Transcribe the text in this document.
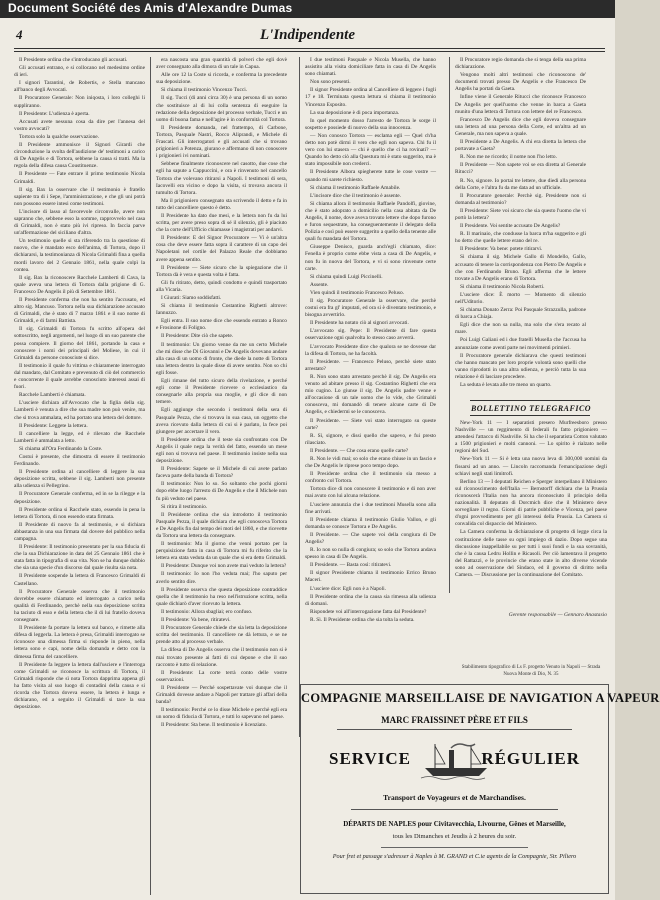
Document Société des Amis d'Alexandre Dumas
4	L'Indipendente

Il Presidente ordina che s'introducano gli accusati.

Gli accusati entrano, e si collocano nel medesimo ordine di ieri.

I signori Tarantini, de Robertis, e Stella mancano all'banco degli Avvocati.

Il Procuratore Generale: Non iniqosta, i loro colleghi li suppliranno.

Il Presidente: L'udienza è aperta.

Accusati avete nessuna cosa da dire per l'annesa del vostro avvocati?

Tortora solo la qualche osservazione.

Il Presidente ammonisce il Signori Girardi che circonduzione la svolta dell'audizione de' testimoni a carico di De Angelis e di Tortora, sebbene la causa si tratti. Ma la regola della difesa causa Coustituenze.

Il Presidente — Fate entrare il primo testimonio Nicola Grimaldi.

Il sig. Bax la osservare che il testimonio è fratello sapiente tra di i Sepe, l'amministrazione, e che gli uni potrà non possono essere intesi come testimoni.

L'incisore di lasso al favorevole circonvalle, avere non sapranno che, sebbene esso la somme, rapprovvelo nel casa di Grimaldi, non è stato più ivi ripreso. In faccia parve un'affermazione del siciliano d'altra.

Un testimonio quelle si sta riferendo tra la questione di nuovo, che è mandato esco dell'anima, di Tortora, dopo il dichiararsi, la testimonianza di Nicola Grimaldi fina a quella mordi lavoro del 2 Gennaio 1861, nella quale colpì la contea.

Il sig. Bax la riconoscere Racchele Lamberti di Cava, la quale aveva una lettera di Tortora dalla prigione di G. Francesco De Angelis il più di Settembre 1861.

Il Presidente conferma che non ha sentito l'accusato, ed altro sig. Mancuso. Tortora nella sua dichiarazione accusato di Grimaldi, che è stato di 7 marzo 1861 e il suo nome di Grimaldi, e di farmi Battista.

Il sig. Grimaldi di Tortora fu scritto all'opera del sottoscritto, negli argomenti, nel luogo di un suo parente che possa compiere. Il giorno del 1861, portando la casa e conoscere i nomi dei principali del Moliese, in cui il Grimaldi da persone conosciute si dice.

Il testimonio il quale fu vittima e chiaramente interrogato dal mandato, dal Comitato e prevenuto di ciò del commercio e concorrente il quale avrebbe conosciuto interessi assai di fuori.

Racchele Lamberti è chiamata.

L'usciere dichiara all'Avvocato che la figlia della sig. Lamberti è venuta a dire che sua madre non può venire, ma che si trova ammalata, ed ha portato una lettera del dottore.

Il Presidente: Leggete la lettera.

Il cancelliere la legge, ed è rilevato che Racchele Lamberti è ammalata a letto.

Si chiama all'Ora Ferdinando la Coste.

Costui è presente, che dimostra di essere il testimonio Ferdinando.

Il Presidente ordina al cancelliere di leggere la sua deposizione scritta, sebbene il sig. Lamberti non presente alla udienza si Pellegrino.

Il Procuratore Generale conferma, ed in se la rilegge e la deposizione.

Il Presidente ordina si Racchele stato, essendo in pena la lettera di Tortora, di non essendo stata firmata.

Il Presidente di nuovo fa al testimonio, e si dichiara abbastanza in una sua firmata dal dovere del pubblico nella campagna.

Il Presidente: Il testimonio presentato per la sua fiducia di che la sua Dichiarazione in data del 25 Gennaio 1861 che è stata fatta in tipografia di sua vita. Non se ha dunque dubbio che sia una specie d'un discorso dal quale risulta sia nota.

Il Presidente sospende la lettera di Francesco Grimaldi di Castellano.

Il Procuratore Generale osserva che il testimonio dovrebbe essere chiamato ed interrogato a carico nella qualità di Ferdinando, perchè nella sua deposizione scritta ha taciuto di esso e della lettera che il di lui fratello doveva consegnare.

Il Presidente fa portare la lettera sul banco, e rimette alla difesa di leggerla. La lettera è presa, Grimaldi interrogato se riconosce una dimessa firma si risponde in pieno, nella lettera sono e capi, nome della domanda e detto con la dimessa firma del cancelliere.

Il Presidente fa leggere la lettera dall'usciere e l'interroga come Grimaldi se riconosce la scrittura di Tortora, il Grimaldi risponde che sì nota Tortora dapprima appena gli ha fatto visita al suo luogo di contadini della causa e si ricorda che Tortora doveva essere, la lettera è lunga e dichiarano, ed a seguito il Grimaldi si tace la sua deposizione.

era nascosta una gran quantità di polveri che egli dovè aver consegnato alla dimora di un tale in Capua.

Alle ore 12 la Coste si ricorda, e conferma la precedente sua deposizione.

Si chiama il testimonio Vincenzo Tucci.

Il sig. Tucci (di anni circa 30) è una persona di un uomo che sostituisce al di lui colla sentenza di eseguire la redazione della deposizione del processo verbale, Tucci e un uomo di buona fama e nell'agire è in conformità col Tortora.

Il Presidente domanda, nel frattempo, di Carbone, Tortora, Pasquale Nastri, Rocco Aliprandi, e Michele di Frascati. Gli interrogatori e gli accusati che si trovano prigionieri a Potenza, giurano e affermano di non conoscere i prigionieri ivi nominati.

Sebbene finalmente riconoscere nel casotto, due cose che egli ha sapute a Cappuccini, e ora è rinvenuto nel cancello Tortora che volevano ritirarsi a Napoli. I testimoni di sera, Iacovelli era vicino e dopo la visita, si trovava ancora il tumulto di Tortora.

Ma il prigioniero consegnato sta scrivendo il detto e fa in tutto del cancelliere questo è detto.

Il Presidente ha dato due mesi, e la lettera non fu da lui scritta, per avere preso sopra di sé il silenzio, gli è piaciuto che la corte dell'Ufficio chiamasse i magistrati per andarvi.

Il Presidente: E del Signor Procuratore — Vi è un'altra cosa che deve essere fatta sopra il carattere di un capo dei Napoletani nel cortile del Palazzo Reale che dobbiamo avere appena sentito.

Il Presidente — Siete sicuro che la spiegazione che il Tortora dà è vera e questa volta è fatta.

Gli fu ritirato, detto, quindi condotto e quindi trasportato alla Vicaria.

I Giurati: Siamo soddisfatti.

Si chiama il testimonio Costantino Righetti altrove: Iannuzzo.

Egli entra. Il suo nome dice che essendo entrato a Ronco e Frosinone di Foligno.

Il Presidente: Dite ciò che sapete.

Il testimonio: Un giorno venne da me un certo Michele che mi disse che Di Giovanni e De Angelis dovevano andare alla casa di un uomo di fronte, che diede la notte di Tortora una lettera dentro la quale disse di avere sentito. Non so chi egli fosse.

Egli rimane del tutto sicuro della rivelazione, e perché egli come il Presidente ricevere o ecclesiastico da consegnarle alla propria sua moglie, e gli dice di non temere.

Egli aggiunge che secondo i testimoni della sera di Pasquale Pezza, che si trovava in sua casa, un oggetto che aveva ricevuto dalla lettera di cui si è parlato, la fece poi giungere per accertare il vero.

Il Presidente ordina che il teste sia confrontato con De Angelis il quale nega la verità del fatto, essendo un mese egli non si trovava nel paese. Il testimonio insiste nella sua deposizione.

Il Presidente: Sapete se il Michele di cui avete parlato faceva parte della banda di Tortora?

Il testimonio: Non lo so. So soltanto che pochi giorni dopo ebbe luogo l'arresto di De Angelis e che il Michele non fu più veduto nel paese.

Si ritira il testimonio.

Il Presidente ordina che sia introdotto il testimonio Pasquale Pezza, il quale dichiara che egli conosceva Tortora e De Angelis fin dal tempo dei moti del 1860, e che ricevette da Tortora una lettera da consegnare.

Il testimonio: Ma il giorno che venni portato per la perquisizione fatta in casa di Tortora mi fu riferito che la lettera era stata veduta da un quale che si era detto Grimaldi.

Il Presidente: Dunque voi non avete mai veduto la lettera?

Il testimonio: Io non l'ho veduta mai; l'ho saputo per averlo sentito dire.

Il Presidente osserva che questa deposizione contraddice quella che il testimonio ha reso nell'istruzione scritta, nella quale dichiarò d'aver ricevuto la lettera.

Il testimonio: Allora sbagliai; ero confuso.

Il Presidente: Va bene, ritiratevi.

Il Procuratore Generale chiede che sia letta la deposizione scritta del testimonio. Il cancelliere ne dà lettura, e se ne prende atto al processo verbale.

La difesa di De Angelis osserva che il testimonio non si è mai trovato presente ai fatti di cui depone e che il suo racconto è tutto di relazione.

Il Presidente: La corte terrà conto delle vostre osservazioni.

Il Presidente — Perché sospettavate voi dunque che il Grimaldi dovesse andare a Napoli per trattare gli affari della banda?

Il testimonio: Perché ce lo disse Michele e perchè egli era un uomo di fiducia di Tortora, e tutti lo sapevano nel paese.

Il Presidente: Sta bene. Il testimonio è licenziato.

I due testimoni Pasquale e Nicola Musella, che hanno assistito alla visita domiciliare fatta in casa di De Angelis sono chiamati.

Non sono presenti.

Il signor Presidente ordina al Cancelliere di leggere i fogli 17 e 18. Terminata questa lettura si chiama il testimonio Vincenzo Esposito.

La sua deposizione è di poca importanza.

In quel momento dosso l'arresto de Tortora le sorge il sospetto e possiede di nuovo della sua innocenza.

— Non conosco Tortora — esclama egli — Quel ch'ha detto non potè dirmi il vero che egli non sapeva. Chi fu il vero con lui stasera — chi è quello che ci ha rovinati? — Quando ho detto ciò alla Questura mi è stato suggerito, ma è stato impossibile non crederci.

Il Presidente Albora spiegherete tutte le cose vostre — quando mi sarete richiesto.

Si chiama il testimonio Raffaele Amabile.

L'incisore dice che il testimonio è assente.

Si chiama allora il testimonio Raffaele Pandolfi, giovine, che è stato adoprato a domicilio nella casa abitata da De Angelis, il nome, dove aveva trovato lettere che dopo furono e furon sequestrate, ha conseguentemente il delegato della Polizia e così può essere suggerito a quello della tenente alle quali fu mandata del Tortora.

Giuseppe Denisco, guarda anch'egli chiamato, dice: Fenella è proprio come ebbe vista a casa di De Angelis, e non fu in nuova del Tortora, e vi si sono rinvenute certe carte.

Si chiama quindi Luigi Piccinelli.

Assente.

Vien quindi il testimonio Francesco Peluso.

Il sig. Procuratore Generale la osservare, che perchè costui era fra gl' imputati, ed ora si è diventato testimonio, e bisogna avvertirlo.

Il Presidente ha notato ciò al signori avvocati.

L'avvocato sig. Pepe: Il Presidente di fare questa osservazione ogni qualvolta lo stesso caso avverrà.

L'avvocato Presidente dice che qualora se ne dovesse dar la difesa di Tortora, ne ha facoltà.

Il Presidente. — Francesco Peluso, perchè siete stato arrestato?

R. Non sono stato arrestato perchè il sig. De Angelis era venuto ad abitare presso il sig. Costantino Righetti che era mio cugino. Lo giunse il sig. De Angelis padre venne e all'occasione di un tale uomo che lo vide, che Grimaldi conosceva, mi domandò di tenere alcune carte di De Angelis, e chiedermi se le conosceva.

Il Presidente. — Siete voi stato interrogato su queste carte?

R. Sì, signore, e dissi quello che sapevo, e fui presto rilasciato.

Il Presidente. — Che cosa erano quelle carte?

R. Non le vidi mai; so solo che erano chiuse in un fascio e che De Angelis le riprese poco tempo dopo.

Il Presidente ordina che il testimonio sia messo a confronto col Tortora.

Tortora dice di non conoscere il testimonio e di non aver mai avuto con lui alcuna relazione.

L'usciere annunzia che i due testimoni Musella sono alla fine arrivati.

Il Presidente chiama il testimonio Giulio Vallon, e gli domanda se conosce Tortora e De Angelis.

Il Presidente. — Che sapete voi della congiura di De Angelis?

R. Io non so nulla di congiura; so solo che Tortora andava spesso in casa di De Angelis.

Il Presidente. — Basta così: ritiratevi.

Il signor Presidente chiama il testimonio Errico Bruno Maceri.

L'usciere dice: Egli non è a Napoli.

Il Presidente ordina che la causa sia rimessa alla udienza di domani.

Rispondete voi all'interrogazione fatta dal Presidente?

R. Sì. Il Presidente ordina che sia tolta la seduta.

Il Procuratore regio domanda che si tenga della sua prima dichiarazione.

Vengono molti altri testimoni che riconoscono de' documenti trovati presso De Angelis e che Francesco De Angelis ha portati da Gaeta.

Infine viene il Generale Ritucci che riconosce Francesco De Angelis per quell'uomo che venne in barca a Gaeta munito d'una lettera di Tortora con lettere del re Francesco.

Francesco De Angelis dice che egli doveva consegnare una lettera ad una persona della Corte, ed un'altra ad un Generale, ma non sapeva a quale.

Il Presidente a De Angelis. A chi era diretta la lettera che portavate a Gaeta?

R. Non me ne ricordo; il nome non l'ho letto.

Il Presidente — Non sapete voi se era diretta al Generale Ritucci?

R. No, signore. Io portai tre lettere, due diedi alla persona della Corte, e l'altra fu da me data ad un ufficiale.

Il Procuratore generale: Perchè sig. Presidente non si domanda al testimonio?

Il Presidente: Siete voi sicuro che sia questo l'uomo che vi portò la lettera?

Il Presidente. Voi sentite accusato De Angelis?

R. Il marinaio, che condusse la barca m'ha suggerito e gli ho detto che quelle lettere erano del re.

Il Presidente: Va bene: potete ritirarvi.

Si chiama il sig. Michele Gallo di Mondello, Gallo, accusato di tenere la corrispondenza con Pietro De Angelis e che con Ferdinando Bruno. Egli afferma che le lettere trovate a De Angelis erano di Tortora.

Si chiama il testimonio Nicola Roberti.

L'usciere dice: È morto — Momento di silenzio nell'Uditorio.

Si chiama Donato Zerra: Poi Pasquale Strazzulla, padrone di barca a Chiaja.

Egli dice che non sa nulla, ma solo che s'era recato al mare.

Poi Luigi Galiani ed i due fratelli Musella che l'accusa ha annunziate come aventi parte nei movimenti primieri.

Il Procuratore generale dichiarava che questi testimoni che hanno mancato per loro proprie volontà sono quelli che vanno riprodotti in una altra udienza, e perciò tutta la sua relazione è di lasciare procedere.

La seduta è levata alle tre meno un quarto.

BOLLETTINO TELEGRAFICO

New-York 11 — I separatisti presero Murfreesboro presso Nashville — un reggimento di federali fu fatto prigioniero — attendesi l'attacco di Nashville. Si ha che il separatista Cotton valutato a 1500 prigionieri e molti cannoni. — Lo spirito è rialzato nelle regioni del Sud.

New-York 11 — Si è letta una nuova leva di 300,000 uomini da fissarsi ad un anno. — Lincoln raccomanda l'emancipazione degli schiavi negli stati limitrofi.

Berlino 13 — I deputati Reichen e Sperger interpellano il Ministero sul riconoscimento dell'Italia — Bernstorff dichiara che la Prussia riconoscerà l'Italia non ha ancora riconosciuto il principio della nazionalità. Il deputato di Dorcmich dice che il Ministero deve sorvegliare il regno. Giorni di patrie pubbliche e Vicenza, pel paese d'ogni provvedimento per gli interessi della Prussia. La Camera si convalida col dispaccio del Ministero.

La Camera conferma la dichiarazione di progetto di legge circa la costituzione delle tasse su ogni impiego di dazio. Dopo segue una discussione inappellabile su per tutti i suoi fondi e la sua sovranità, che è la causa Ledru Hollin e Ricasoli. Per ciò lamentava il progetto del Rattazzi, e le provincie che erano state in alto diverse vicende sono ad osservazione del Sindaco, ed il governo di diritto nella Camera. — Discussione per la continuazione del Comitato.

Gerente responsabile — Gennaro Anastasio
Stabilimento tipografico di Ls F. progetto Venuto in Napoli — Strada Nuova Monte di Dio, N. 35
COMPAGNIE MARSEILLAISE DE NAVIGATION A VAPEUR
MARC FRAISSINET PÈRE ET FILS
SERVICE	RÉGULIER
Transport de Voyageurs et de Marchandises.
DÉPARTS DE NAPLES pour Civitavecchia, Livourne, Gênes et Marseille,
tous les Dimanches et Jeudis à 2 heures du soir.
Pour fret et passage s'adresser à Naples à M. GRAND et C.ie agents de la Compagnie, Str. Piliero
